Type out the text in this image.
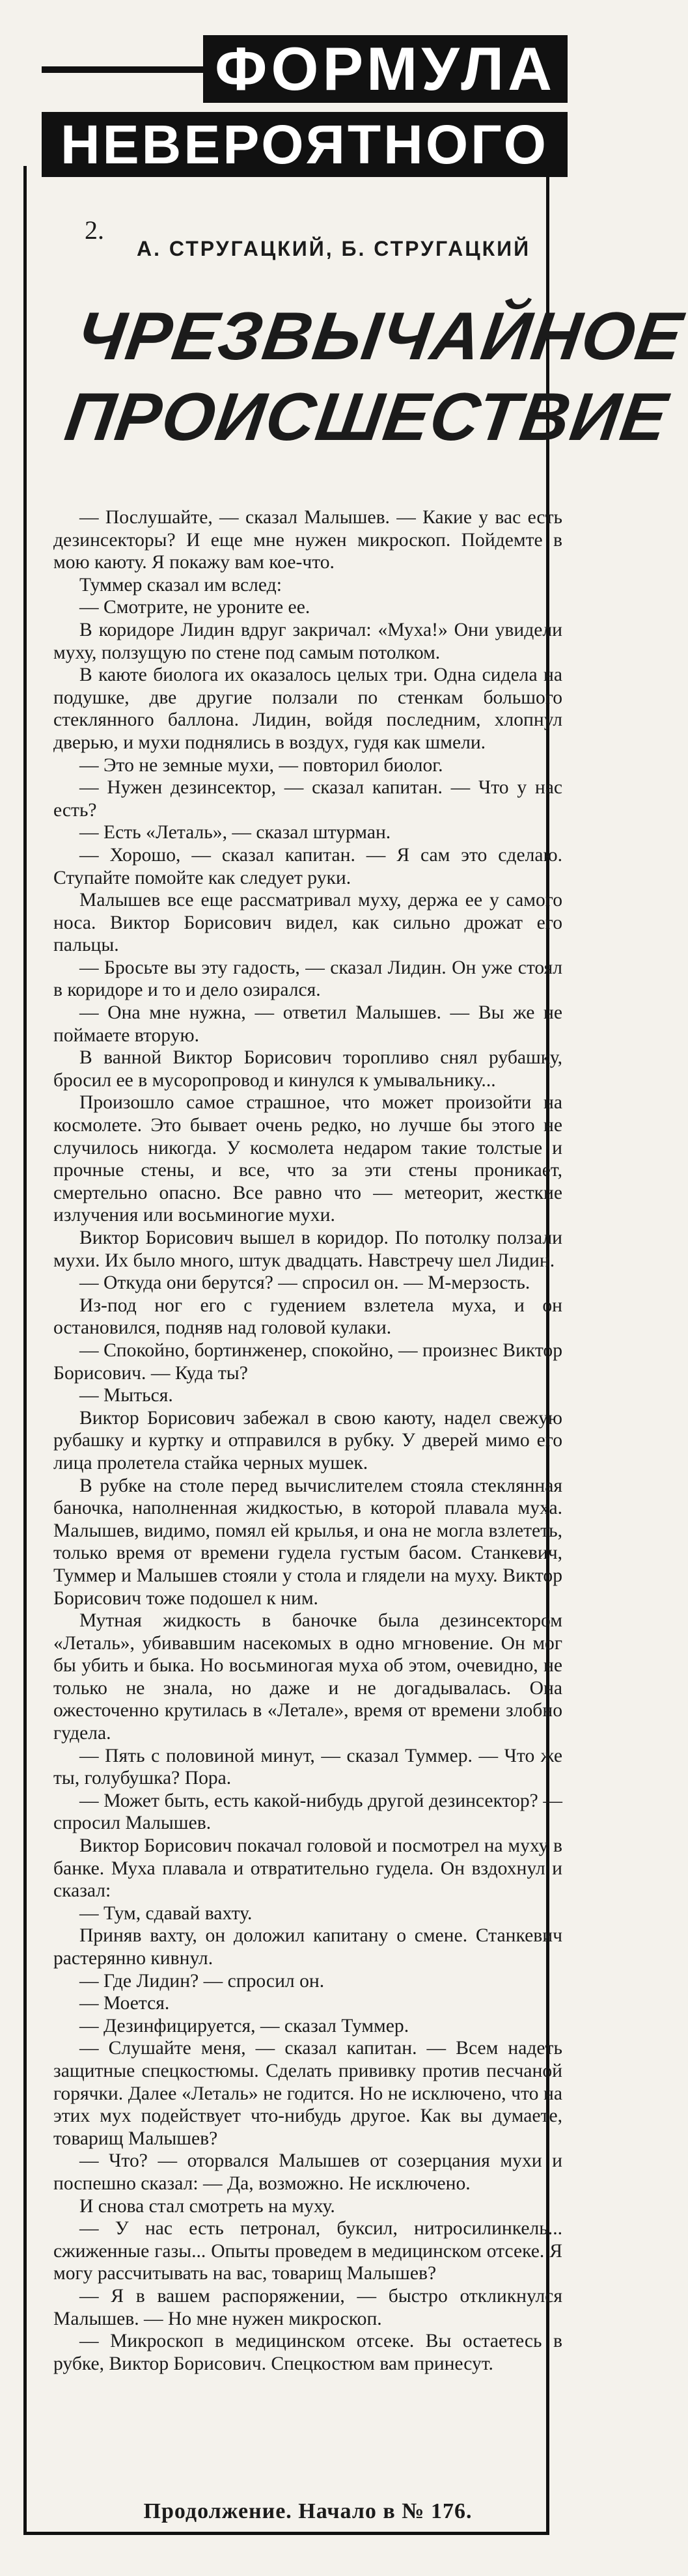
ФОРМУЛА
НЕВЕРОЯТНОГО
2.
А. СТРУГАЦКИЙ, Б. СТРУГАЦКИЙ
ЧРЕЗВЫЧАЙНОЕ
ПРОИСШЕСТВИЕ

— Послушайте, — сказал Малышев. — Какие у вас есть дезинсекторы? И еще мне нужен микроскоп. Пойдемте в мою каюту. Я покажу вам кое-что.

Туммер сказал им вслед:

— Смотрите, не уроните ее.

В коридоре Лидин вдруг закричал: «Муха!» Они увидели муху, ползущую по стене под самым потолком.

В каюте биолога их оказалось целых три. Одна сидела на подушке, две другие ползали по стенкам большого стеклянного баллона. Лидин, войдя последним, хлопнул дверью, и мухи поднялись в воздух, гудя как шмели.

— Это не земные мухи, — повторил биолог.

— Нужен дезинсектор, — сказал капитан. — Что у нас есть?

— Есть «Леталь», — сказал штурман.

— Хорошо, — сказал капитан. — Я сам это сделаю. Ступайте помойте как следует руки.

Малышев все еще рассматривал муху, держа ее у самого носа. Виктор Борисович видел, как сильно дрожат его пальцы.

— Бросьте вы эту гадость, — сказал Лидин. Он уже стоял в коридоре и то и дело озирался.

— Она мне нужна, — ответил Малышев. — Вы же не поймаете вторую.

В ванной Виктор Борисович торопливо снял рубашку, бросил ее в мусоропровод и кинулся к умывальнику...

Произошло самое страшное, что может произойти на космолете. Это бывает очень редко, но лучше бы этого не случилось никогда. У космолета недаром такие толстые и прочные стены, и все, что за эти стены проникает, смертельно опасно. Все равно что — метеорит, жесткие излучения или восьминогие мухи.

Виктор Борисович вышел в коридор. По потолку ползали мухи. Их было много, штук двадцать. Навстречу шел Лидин.

— Откуда они берутся? — спросил он. — М-мерзость.

Из-под ног его с гудением взлетела муха, и он остановился, подняв над головой кулаки.

— Спокойно, бортинженер, спокойно, — произнес Виктор Борисович. — Куда ты?

— Мыться.

Виктор Борисович забежал в свою каюту, надел свежую рубашку и куртку и отправился в рубку. У дверей мимо его лица пролетела стайка черных мушек.

В рубке на столе перед вычислителем стояла стеклянная баночка, наполненная жидкостью, в которой плавала муха. Малышев, видимо, помял ей крылья, и она не могла взлететь, только время от времени гудела густым басом. Станкевич, Туммер и Малышев стояли у стола и глядели на муху. Виктор Борисович тоже подошел к ним.

Мутная жидкость в баночке была дезинсектором «Леталь», убивавшим насекомых в одно мгновение. Он мог бы убить и быка. Но восьминогая муха об этом, очевидно, не только не знала, но даже и не догадывалась. Она ожесточенно крутилась в «Летале», время от времени злобно гудела.

— Пять с половиной минут, — сказал Туммер. — Что же ты, голубушка? Пора.

— Может быть, есть какой-нибудь другой дезинсектор? — спросил Малышев.

Виктор Борисович покачал головой и посмотрел на муху в банке. Муха плавала и отвратительно гудела. Он вздохнул и сказал:

— Тум, сдавай вахту.

Приняв вахту, он доложил капитану о смене. Станкевич растерянно кивнул.

— Где Лидин? — спросил он.

— Моется.

— Дезинфицируется, — сказал Туммер.

— Слушайте меня, — сказал капитан. — Всем надеть защитные спецкостюмы. Сделать прививку против песчаной горячки. Далее «Леталь» не годится. Но не исключено, что на этих мух подействует что-нибудь другое. Как вы думаете, товарищ Малышев?

— Что? — оторвался Малышев от созерцания мухи и поспешно сказал: — Да, возможно. Не исключено.

И снова стал смотреть на муху.

— У нас есть петронал, буксил, нитросилинкель... сжиженные газы... Опыты проведем в медицинском отсеке. Я могу рассчитывать на вас, товарищ Малышев?

— Я в вашем распоряжении, — быстро откликнулся Малышев. — Но мне нужен микроскоп.

— Микроскоп в медицинском отсеке. Вы остаетесь в рубке, Виктор Борисович. Спецкостюм вам принесут.

Продолжение. Начало в № 176.
